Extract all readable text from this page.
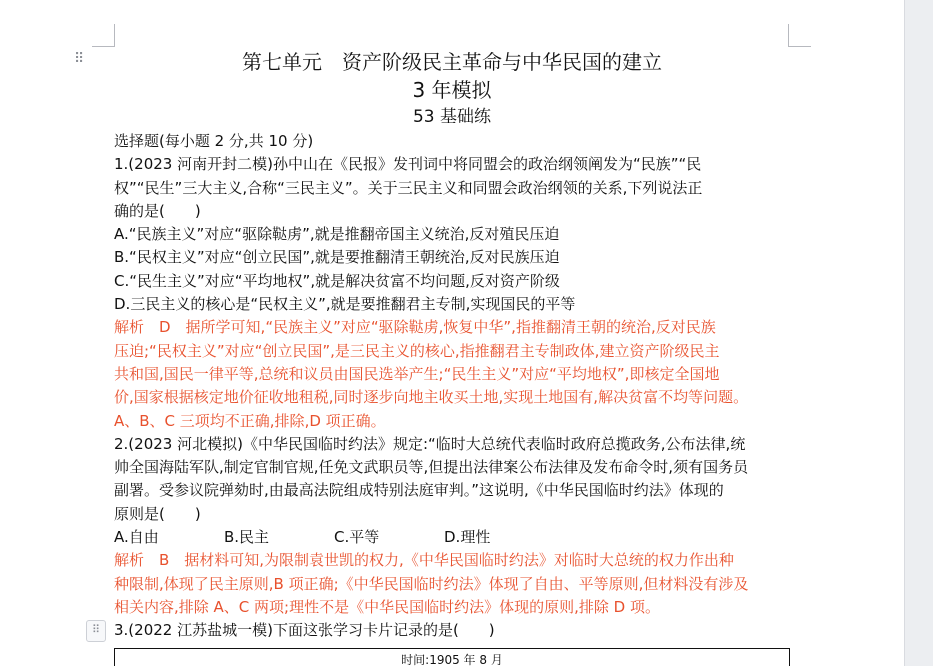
⠿	第七单元　资产阶级民主革命与中华民国的建立
3 年模拟
53 基础练

选择题(每小题 2 分,共 10 分)

1.(2023 河南开封二模)孙中山在《民报》发刊词中将同盟会的政治纲领阐发为“民族”“民

权”“民生”三大主义,合称“三民主义”。关于三民主义和同盟会政治纲领的关系,下列说法正

确的是(　　)

A.“民族主义”对应“驱除鞑虏”,就是推翻帝国主义统治,反对殖民压迫

B.“民权主义”对应“创立民国”,就是要推翻清王朝统治,反对民族压迫

C.“民生主义”对应“平均地权”,就是解决贫富不均问题,反对资产阶级

D.三民主义的核心是“民权主义”,就是要推翻君主专制,实现国民的平等

解析　D　据所学可知,“民族主义”对应“驱除鞑虏,恢复中华”,指推翻清王朝的统治,反对民族

压迫;“民权主义”对应“创立民国”,是三民主义的核心,指推翻君主专制政体,建立资产阶级民主

共和国,国民一律平等,总统和议员由国民选举产生;“民生主义”对应“平均地权”,即核定全国地

价,国家根据核定地价征收地租税,同时逐步向地主收买土地,实现土地国有,解决贫富不均等问题。

A、B、C 三项均不正确,排除,D 项正确。

2.(2023 河北模拟)《中华民国临时约法》规定:“临时大总统代表临时政府总揽政务,公布法律,统

帅全国海陆军队,制定官制官规,任免文武职员等,但提出法律案公布法律及发布命令时,须有国务员

副署。受参议院弹劾时,由最高法院组成特别法庭审判。”这说明,《中华民国临时约法》体现的

原则是(　　)

A.自由	B.民主	C.平等	D.理性

解析　B　据材料可知,为限制袁世凯的权力,《中华民国临时约法》对临时大总统的权力作出种

种限制,体现了民主原则,B 项正确;《中华民国临时约法》体现了自由、平等原则,但材料没有涉及

相关内容,排除 A、C 两项;理性不是《中华民国临时约法》体现的原则,排除 D 项。

3.(2022 江苏盐城一模)下面这张学习卡片记录的是(　　)

⠿
时间:1905 年 8 月
